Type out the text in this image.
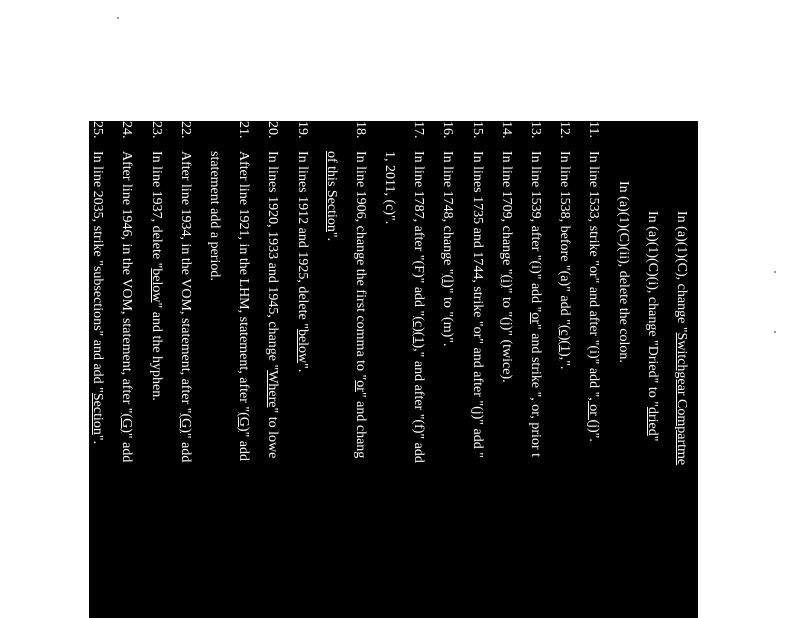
In (a)(1)(C), change "Switchgear Compartme
In (a)(1)(C)(i), change "Dried" to "dried"
In (a)(1)(C)(ii), delete the colon.
11.
In line 1533, strike "or" and after "(i)" add ", or (j)".
12.
In line 1538, before "(a)" add "(c)(1),".
13.
In line 1539, after "(i)" add "or" and strike ", or, prior t
14.
In line 1709, change "(i)" to "(j)" (twice).
15.
In lines 1735 and 1744, strike "or" and after "(j)" add "
16.
In line 1748, change "(l)" to "(m)".
17.
In line 1787, after "(F)" add "(c)(1)," and after "(f)" add
1, 2011, (c)".
18.
In line 1906, change the first comma to "or" and chang
of this Section".
19.
In lines 1912 and 1925, delete "below".
20.
In lines 1920, 1933 and 1945, change "Where" to lowe
21.
After line 1921, in the LHM, statement, after "(G)" add
statement add a period.
22.
After line 1934, in the VOM, statement, after "(G)" add
23.
In line 1937, delete "below" and the hyphen.
24.
After line 1946, in the VOM, statement, after "(G)" add
25.
In line 2035, strike "subsections" and add "Section".
26.
In line 2038, strike "twelve" and add "12".
27.
In line 2043, change "subsections" to "Section".
